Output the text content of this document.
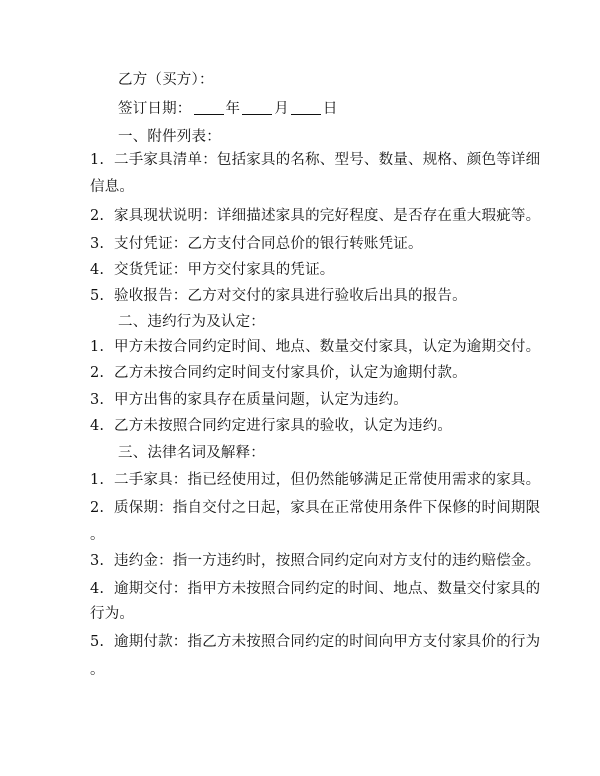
乙方（买方）：
签订日期： 年 月 日
一、附件列表：
1. 二手家具清单：包括家具的名称、型号、数量、规格、颜色等详细
信息。
2. 家具现状说明：详细描述家具的完好程度、是否存在重大瑕疵等。
3. 支付凭证：乙方支付合同总价的银行转账凭证。
4. 交货凭证：甲方交付家具的凭证。
5. 验收报告：乙方对交付的家具进行验收后出具的报告。
二、违约行为及认定：
1. 甲方未按合同约定时间、地点、数量交付家具，认定为逾期交付。
2. 乙方未按合同约定时间支付家具价，认定为逾期付款。
3. 甲方出售的家具存在质量问题，认定为违约。
4. 乙方未按照合同约定进行家具的验收，认定为违约。
三、法律名词及解释：
1. 二手家具：指已经使用过，但仍然能够满足正常使用需求的家具。
2. 质保期：指自交付之日起，家具在正常使用条件下保修的时间期限
。
3. 违约金：指一方违约时，按照合同约定向对方支付的违约赔偿金。
4. 逾期交付：指甲方未按照合同约定的时间、地点、数量交付家具的
行为。
5. 逾期付款：指乙方未按照合同约定的时间向甲方支付家具价的行为
。
